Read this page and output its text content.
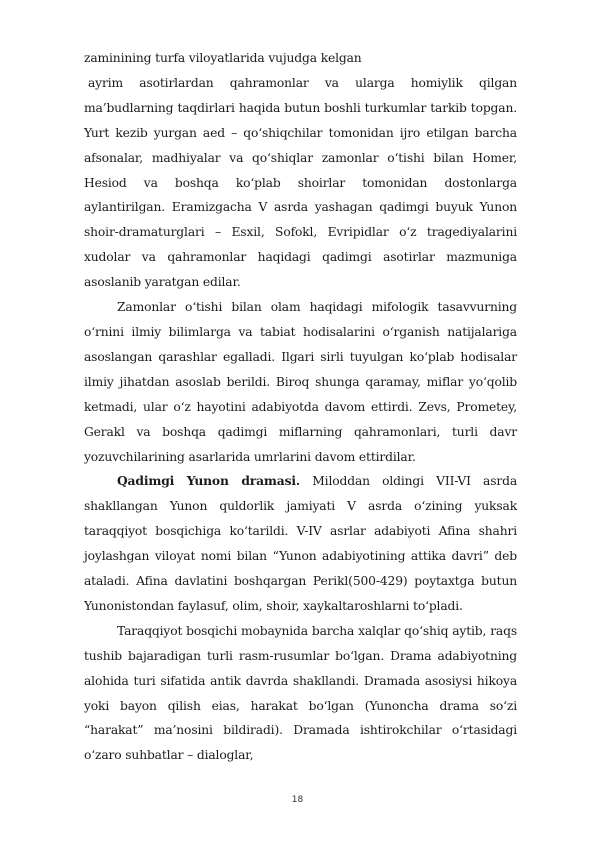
zaminining turfa viloyatlarida vujudga kelgan

ayrim asotirlardan qahramonlar va ularga homiylik qilgan ma’budlarning taqdirlari haqida butun boshli turkumlar tarkib topgan. Yurt kezib yurgan aed – qo‘shiqchilar tomonidan ijro etilgan barcha afsonalar, madhiyalar va qo‘shiqlar zamonlar o‘tishi bilan Homer, Hesiod va boshqa ko‘plab shoirlar tomonidan dostonlarga aylantirilgan. Eramizgacha V asrda yashagan qadimgi buyuk Yunon shoir-dramaturglari – Esxil, Sofokl, Evripidlar o‘z tragediyalarini xudolar va qahramonlar haqidagi qadimgi asotirlar mazmuniga asoslanib yaratgan edilar.

Zamonlar o‘tishi bilan olam haqidagi mifologik tasavvurning o‘rnini ilmiy bilimlarga va tabiat hodisalarini o‘rganish natijalariga asoslangan qarashlar egalladi. Ilgari sirli tuyulgan ko‘plab hodisalar ilmiy jihatdan asoslab berildi. Biroq shunga qaramay, miflar yo‘qolib ketmadi, ular o‘z hayotini adabiyotda davom ettirdi. Zevs, Prometey, Gerakl va boshqa qadimgi miflarning qahramonlari, turli davr yozuvchilarining asarlarida umrlarini davom ettirdilar.

Qadimgi Yunon dramasi. Miloddan oldingi VII-VI asrda shakllangan Yunon quldorlik jamiyati V asrda o‘zining yuksak taraqqiyot bosqichiga ko‘tarildi. V-IV asrlar adabiyoti Afina shahri joylashgan viloyat nomi bilan “Yunon adabiyotining attika davri” deb ataladi. Afina davlatini boshqargan Perikl(500-429) poytaxtga butun Yunonistondan faylasuf, olim, shoir, xaykaltaroshlarni to‘pladi.

Taraqqiyot bosqichi mobaynida barcha xalqlar qo‘shiq aytib, raqs tushib bajaradigan turli rasm-rusumlar bo‘lgan. Drama adabiyotning alohida turi sifatida antik davrda shakllandi. Dramada asosiysi hikoya yoki bayon qilish eias, harakat bo‘lgan (Yunoncha drama so‘zi “harakat” ma’nosini bildiradi). Dramada ishtirokchilar o‘rtasidagi o‘zaro suhbatlar – dialoglar,

18
